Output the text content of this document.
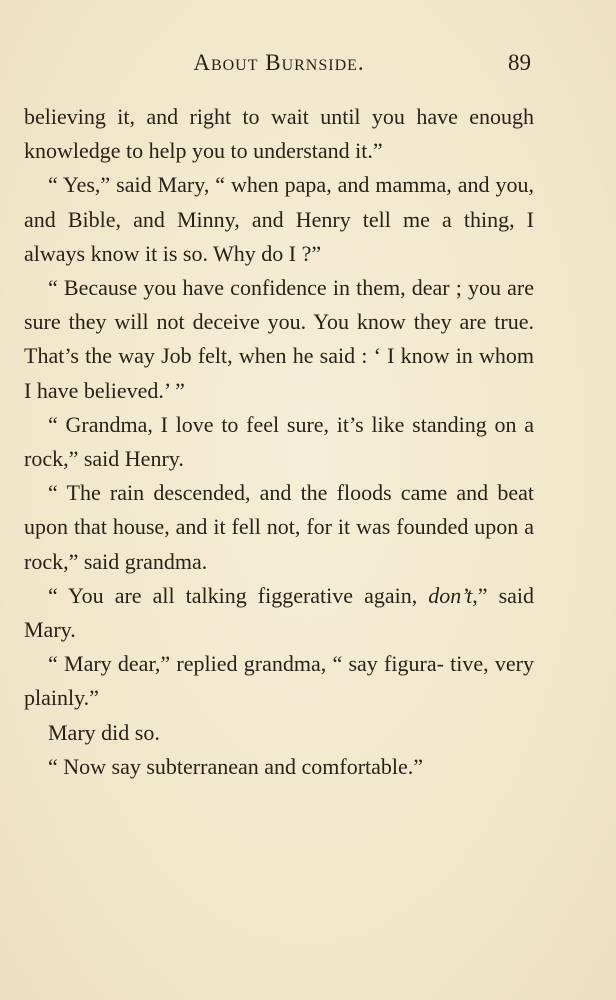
About Burnside.	89

believing it, and right to wait until you have enough knowledge to help you to understand it.”

“ Yes,” said Mary, “ when papa, and mamma, and you, and Bible, and Minny, and Henry tell me a thing, I always know it is so. Why do I ?”

“ Because you have confidence in them, dear ; you are sure they will not deceive you. You know they are true. That’s the way Job felt, when he said : ‘ I know in whom I have believed.’ ”

“ Grandma, I love to feel sure, it’s like standing on a rock,” said Henry.

“ The rain descended, and the floods came and beat upon that house, and it fell not, for it was founded upon a rock,” said grandma.

“ You are all talking figgerative again, don’t,” said Mary.

“ Mary dear,” replied grandma, “ say figura- tive, very plainly.”

Mary did so.

“ Now say subterranean and comfortable.”
